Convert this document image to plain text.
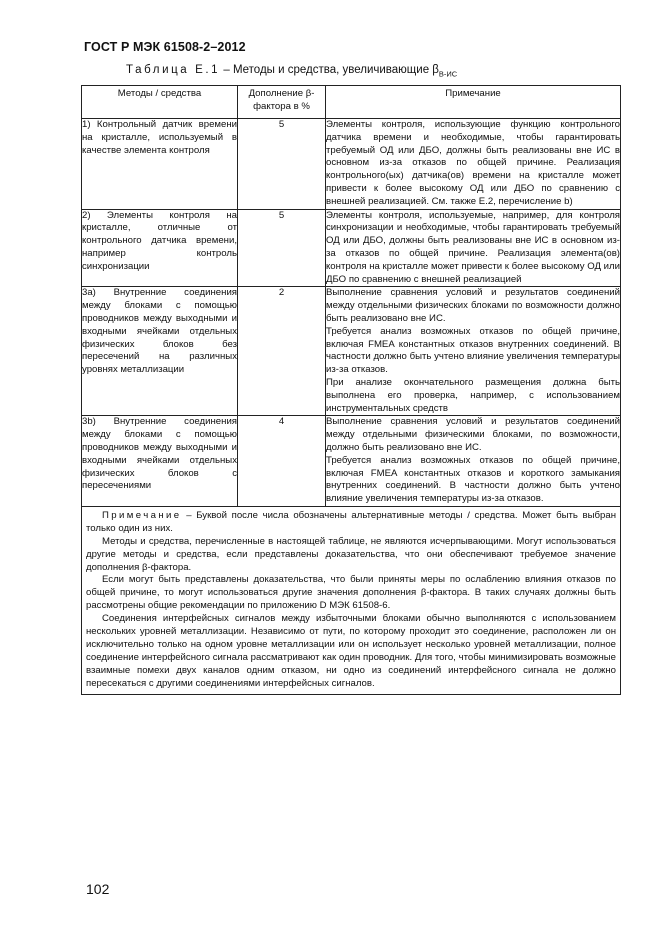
ГОСТ Р МЭК 61508-2–2012
Таблица Е.1 – Методы и средства, увеличивающие $\beta_{В-ИС}$
Методы / средства	Дополнение β-фактора в %	Примечание
1) Контрольный датчик времени на кристалле, используемый в качестве элемента контроля	5	Элементы контроля, использующие функцию контрольного датчика времени и необходимые, чтобы гарантировать требуемый ОД или ДБО, должны быть реализованы вне ИС в основном из-за отказов по общей причине. Реализация контрольного(ых) датчика(ов) времени на кристалле может привести к более высокому ОД или ДБО по сравнению с внешней реализацией. См. также Е.2, перечисление b)

2) Элементы контроля на кристалле, отличные от контрольного датчика времени, например контроль синхронизации	5	Элементы контроля, используемые, например, для контроля синхронизации и необходимые, чтобы гарантировать требуемый ОД или ДБО, должны быть реализованы вне ИС в основном из-за отказов по общей причине. Реализация элемента(ов) контроля на кристалле может привести к более высокому ОД или ДБО по сравнению с внешней реализацией

3а) Внутренние соединения между блоками с помощью проводников между выходными и входными ячейками отдельных физических блоков без пересечений на различных уровнях металлизации	2	Выполнение сравнения условий и результатов соединений между отдельными физических блоками по возможности должно быть реализовано вне ИС.

Требуется анализ возможных отказов по общей причине, включая FMEA константных отказов внутренних соединений. В частности должно быть учтено влияние увеличения температуры из-за отказов.

При анализе окончательного размещения должна быть выполнена его проверка, например, с использованием инструментальных средств

3b) Внутренние соединения между блоками с помощью проводников между выходными и входными ячейками отдельных физических блоков с пересечениями	4	Выполнение сравнения условий и результатов соединений между отдельными физическими блоками, по возможности, должно быть реализовано вне ИС.

Требуется анализ возможных отказов по общей причине, включая FMEA константных отказов и короткого замыкания внутренних соединений. В частности должно быть учтено влияние увеличения температуры из-за отказов.

Примечание – Буквой после числа обозначены альтернативные методы / средства. Может быть выбран только один из них.

Методы и средства, перечисленные в настоящей таблице, не являются исчерпывающими. Могут использоваться другие методы и средства, если представлены доказательства, что они обеспечивают требуемое значение дополнения β-фактора.

Если могут быть представлены доказательства, что были приняты меры по ослаблению влияния отказов по общей причине, то могут использоваться другие значения дополнения β-фактора. В таких случаях должны быть рассмотрены общие рекомендации по приложению D МЭК 61508-6.

Соединения интерфейсных сигналов между избыточными блоками обычно выполняются с использованием нескольких уровней металлизации. Независимо от пути, по которому проходит это соединение, расположен ли он исключительно только на одном уровне металлизации или он использует несколько уровней металлизации, полное соединение интерфейсного сигнала рассматривают как один проводник. Для того, чтобы минимизировать возможные взаимные помехи двух каналов одним отказом, ни одно из соединений интерфейсного сигнала не должно пересекаться с другими соединениями интерфейсных сигналов.		

102
